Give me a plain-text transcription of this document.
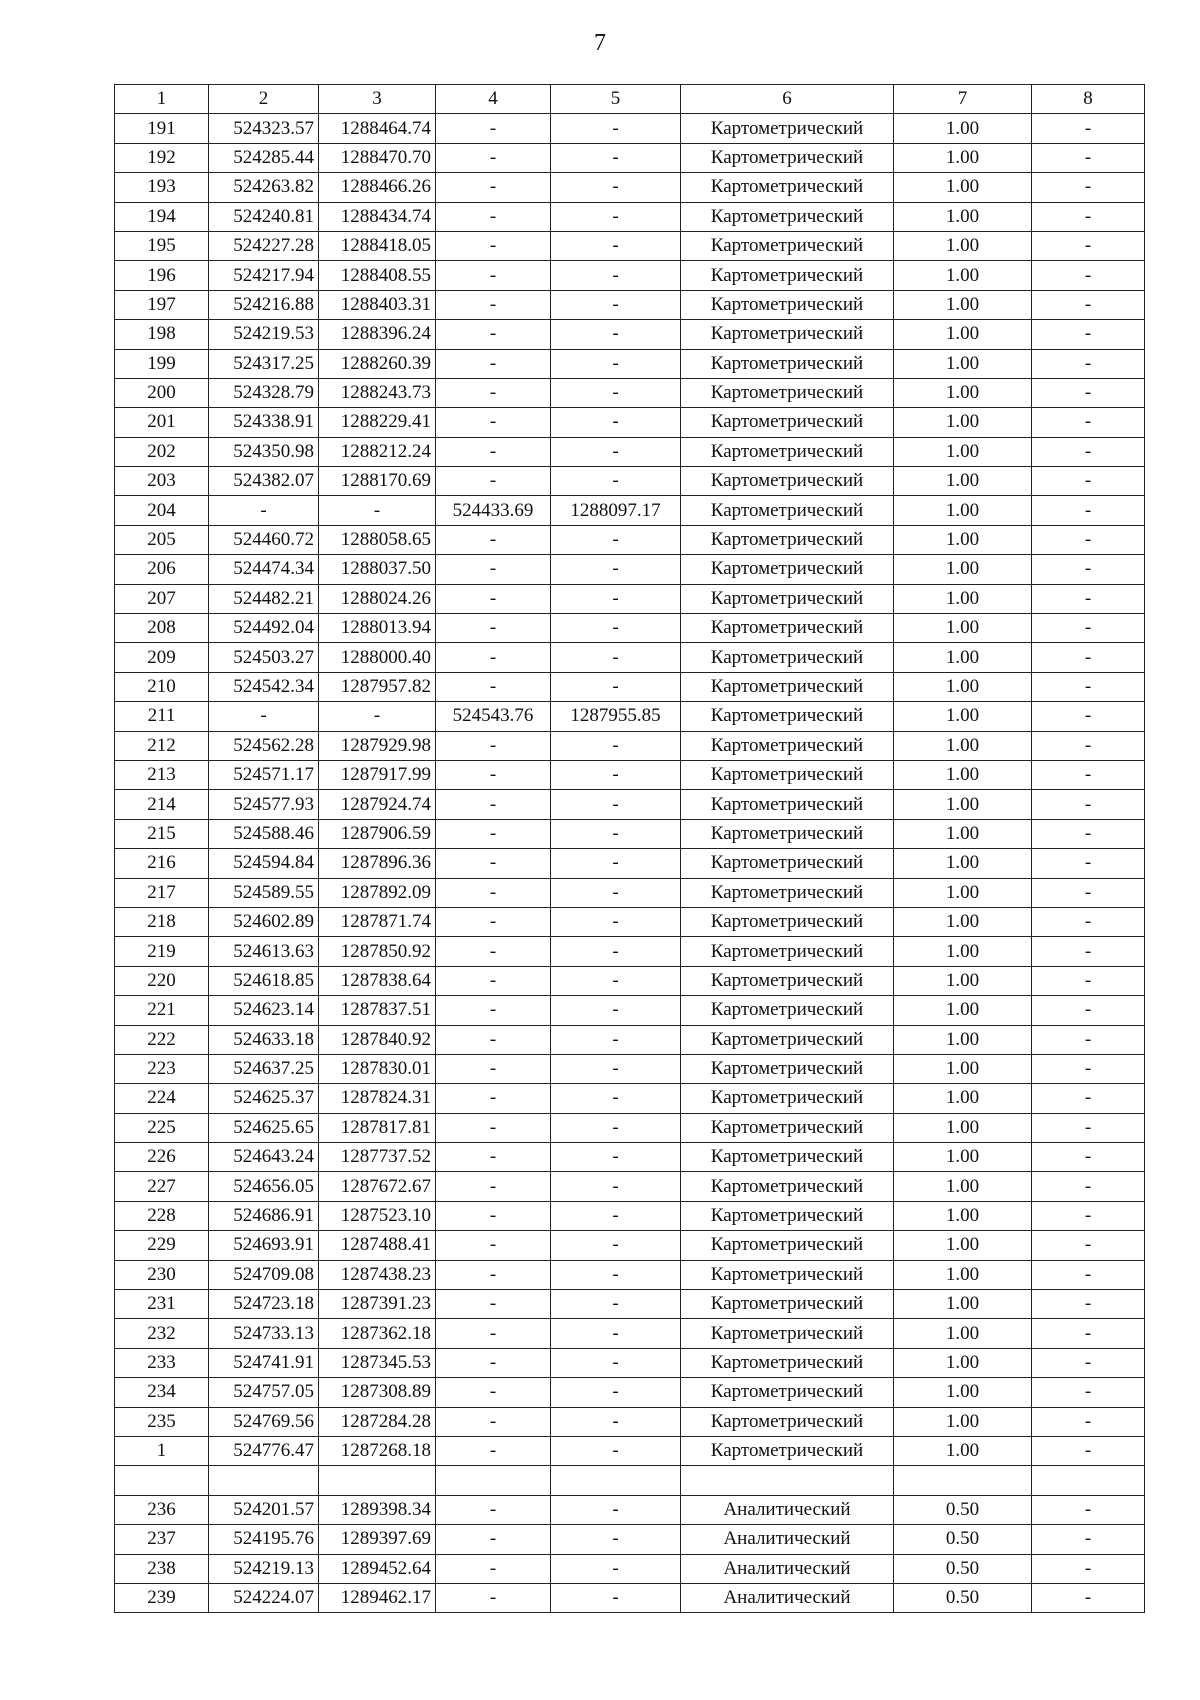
7
1	2	3	4	5	6	7	8
191	524323.57	1288464.74	-	-	Картометрический	1.00	-
192	524285.44	1288470.70	-	-	Картометрический	1.00	-
193	524263.82	1288466.26	-	-	Картометрический	1.00	-
194	524240.81	1288434.74	-	-	Картометрический	1.00	-
195	524227.28	1288418.05	-	-	Картометрический	1.00	-
196	524217.94	1288408.55	-	-	Картометрический	1.00	-
197	524216.88	1288403.31	-	-	Картометрический	1.00	-
198	524219.53	1288396.24	-	-	Картометрический	1.00	-
199	524317.25	1288260.39	-	-	Картометрический	1.00	-
200	524328.79	1288243.73	-	-	Картометрический	1.00	-
201	524338.91	1288229.41	-	-	Картометрический	1.00	-
202	524350.98	1288212.24	-	-	Картометрический	1.00	-
203	524382.07	1288170.69	-	-	Картометрический	1.00	-
204	-	-	524433.69	1288097.17	Картометрический	1.00	-
205	524460.72	1288058.65	-	-	Картометрический	1.00	-
206	524474.34	1288037.50	-	-	Картометрический	1.00	-
207	524482.21	1288024.26	-	-	Картометрический	1.00	-
208	524492.04	1288013.94	-	-	Картометрический	1.00	-
209	524503.27	1288000.40	-	-	Картометрический	1.00	-
210	524542.34	1287957.82	-	-	Картометрический	1.00	-
211	-	-	524543.76	1287955.85	Картометрический	1.00	-
212	524562.28	1287929.98	-	-	Картометрический	1.00	-
213	524571.17	1287917.99	-	-	Картометрический	1.00	-
214	524577.93	1287924.74	-	-	Картометрический	1.00	-
215	524588.46	1287906.59	-	-	Картометрический	1.00	-
216	524594.84	1287896.36	-	-	Картометрический	1.00	-
217	524589.55	1287892.09	-	-	Картометрический	1.00	-
218	524602.89	1287871.74	-	-	Картометрический	1.00	-
219	524613.63	1287850.92	-	-	Картометрический	1.00	-
220	524618.85	1287838.64	-	-	Картометрический	1.00	-
221	524623.14	1287837.51	-	-	Картометрический	1.00	-
222	524633.18	1287840.92	-	-	Картометрический	1.00	-
223	524637.25	1287830.01	-	-	Картометрический	1.00	-
224	524625.37	1287824.31	-	-	Картометрический	1.00	-
225	524625.65	1287817.81	-	-	Картометрический	1.00	-
226	524643.24	1287737.52	-	-	Картометрический	1.00	-
227	524656.05	1287672.67	-	-	Картометрический	1.00	-
228	524686.91	1287523.10	-	-	Картометрический	1.00	-
229	524693.91	1287488.41	-	-	Картометрический	1.00	-
230	524709.08	1287438.23	-	-	Картометрический	1.00	-
231	524723.18	1287391.23	-	-	Картометрический	1.00	-
232	524733.13	1287362.18	-	-	Картометрический	1.00	-
233	524741.91	1287345.53	-	-	Картометрический	1.00	-
234	524757.05	1287308.89	-	-	Картометрический	1.00	-
235	524769.56	1287284.28	-	-	Картометрический	1.00	-
1	524776.47	1287268.18	-	-	Картометрический	1.00	-

236	524201.57	1289398.34	-	-	Аналитический	0.50	-
237	524195.76	1289397.69	-	-	Аналитический	0.50	-
238	524219.13	1289452.64	-	-	Аналитический	0.50	-
239	524224.07	1289462.17	-	-	Аналитический	0.50	-
